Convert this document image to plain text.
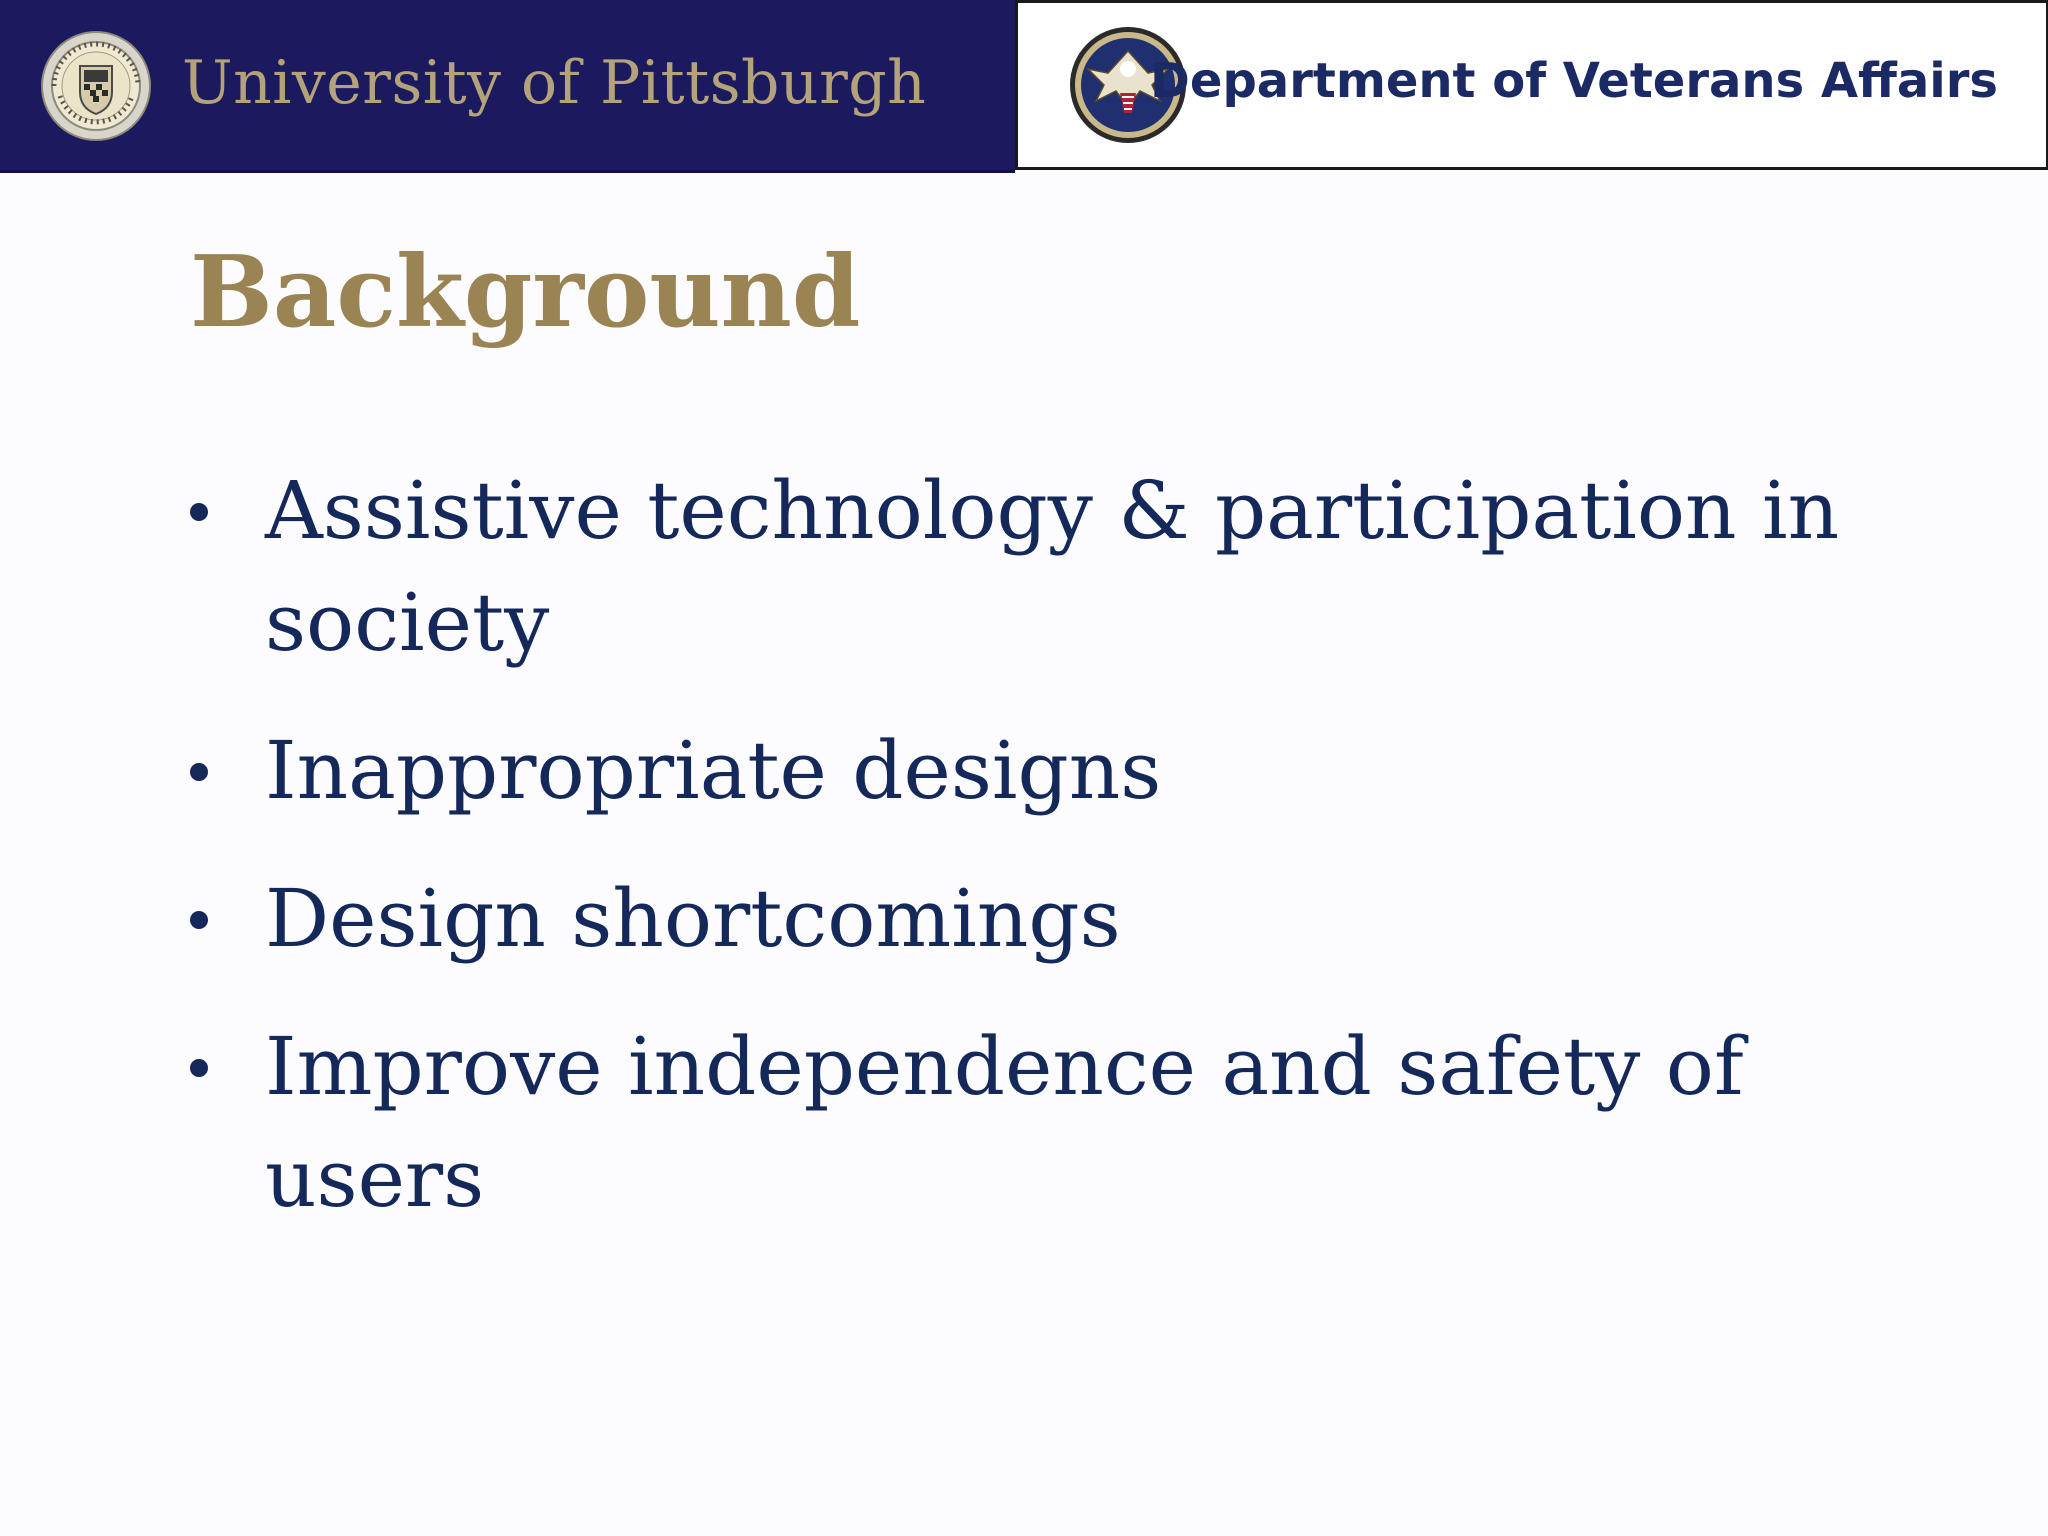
University of Pittsburgh	Department of Veterans Affairs
Background
Assistive technology & participation in society
Inappropriate designs
Design shortcomings
Improve independence and safety of users
